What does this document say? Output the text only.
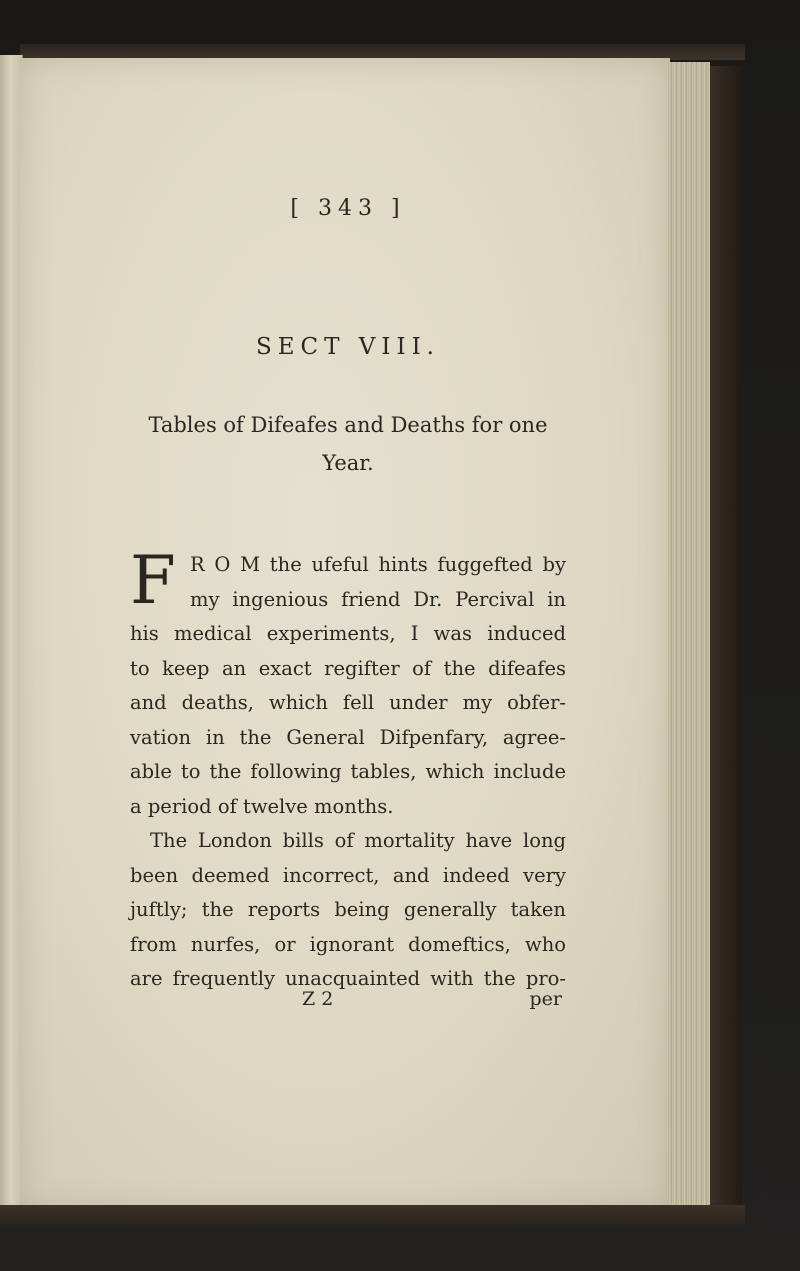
[ 343 ]
SECT VIII.
Tables of Difeafes and Deaths for one
Year.
F R O M the ufeful hints fuggefted by
my ingenious friend Dr. Percival in
his medical experiments, I was induced
to keep an exact regifter of the difeafes
and deaths, which fell under my obfer-
vation in the General Difpenfary, agree-
able to the following tables, which include
a period of twelve months.
The London bills of mortality have long
been deemed incorrect, and indeed very
juftly; the reports being generally taken
from nurfes, or ignorant domeftics, who
are frequently unacquainted with the pro-
Z 2	per
